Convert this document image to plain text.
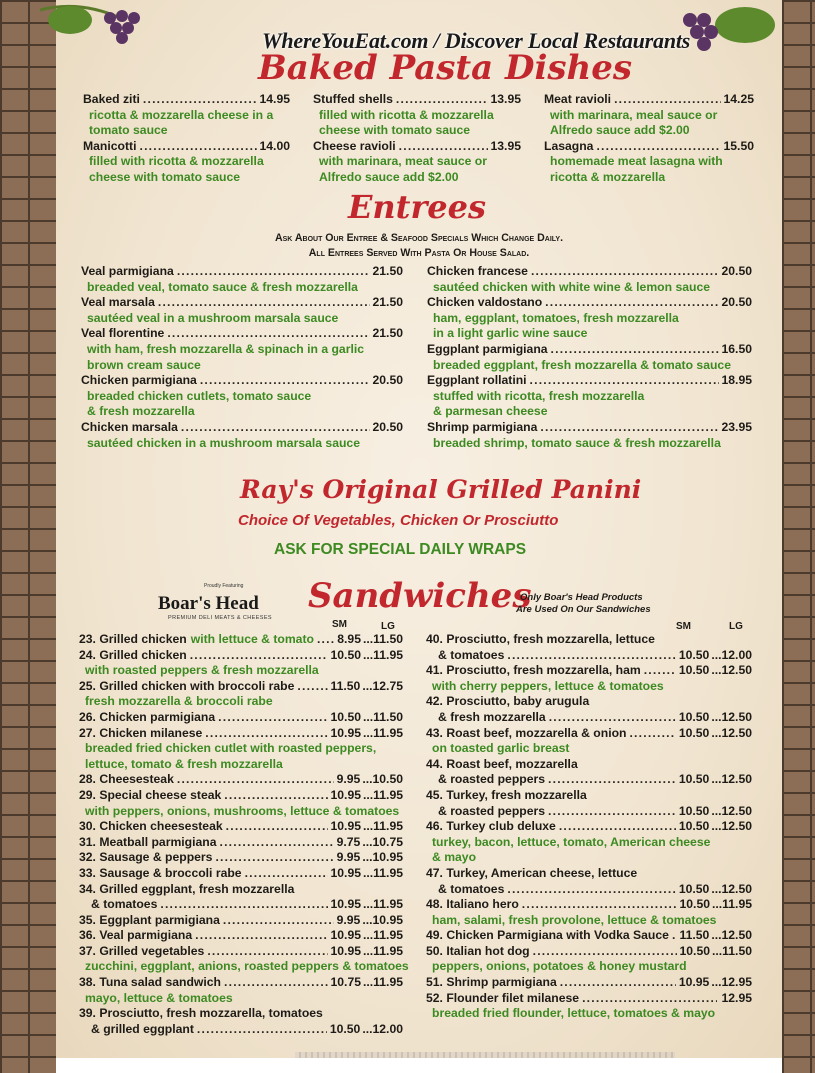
WhereYouEat.com / Discover Local Restaurants
Baked Pasta Dishes
Baked ziti .....	14.95
ricotta & mozzarella cheese in a
tomato sauce
Manicotti .....	14.00
filled with ricotta & mozzarella
cheese with tomato sauce
Stuffed shells .....	13.95
filled with ricotta & mozzarella
cheese with tomato sauce
Cheese ravioli .....	13.95
with marinara, meat sauce or
Alfredo sauce add $2.00
Meat ravioli .....	14.25
with marinara, meal sauce or
Alfredo sauce add $2.00
Lasagna .....	15.50
homemade meat lasagna with
ricotta & mozzarella
Entrees
Ask About Our Entree & Seafood Specials Which Change Daily.
All Entrees Served With Pasta Or House Salad.
Veal parmigiana .....	21.50
breaded veal, tomato sauce & fresh mozzarella
Veal marsala .....	21.50
sautéed veal in a mushroom marsala sauce
Veal florentine .....	21.50
with ham, fresh mozzarella & spinach in a garlic
brown cream sauce
Chicken parmigiana .....	20.50
breaded chicken cutlets, tomato sauce
& fresh mozzarella
Chicken marsala .....	20.50
sautéed chicken in a mushroom marsala sauce
Chicken francese .....	20.50
sautéed chicken with white wine & lemon sauce
Chicken valdostano .....	20.50
ham, eggplant, tomatoes, fresh mozzarella
in a light garlic wine sauce
Eggplant parmigiana .....	16.50
breaded eggplant, fresh mozzarella & tomato sauce
Eggplant rollatini .....	18.95
stuffed with ricotta, fresh mozzarella
& parmesan cheese
Shrimp parmigiana .....	23.95
breaded shrimp, tomato sauce & fresh mozzarella
Ray's Original Grilled Panini
Choice Of Vegetables, Chicken Or Prosciutto
ASK FOR SPECIAL DAILY WRAPS
Proudly Featuring
Boar's Head
PREMIUM DELI MEATS & CHEESES
Sandwiches
Only Boar's Head Products
Are Used On Our Sandwiches
SM	LG	SM	LG
23. Grilled chicken with lettuce & tomato ..... 8.95 ... 11.50
24. Grilled chicken .....	10.50 ... 11.95
with roasted peppers & fresh mozzarella
25. Grilled chicken with broccoli rabe .....	11.50 ... 12.75
fresh mozzarella & broccoli rabe
26. Chicken parmigiana .....	10.50 ... 11.50
27. Chicken milanese .....	10.95 ... 11.95
breaded fried chicken cutlet with roasted peppers,
lettuce, tomato & fresh mozzarella
28. Cheesesteak .....	9.95 ... 10.50
29. Special cheese steak .....	10.95 ... 11.95
with peppers, onions, mushrooms, lettuce & tomatoes
30. Chicken cheesesteak .....	10.95 ... 11.95
31. Meatball parmigiana .....	9.75 ... 10.75
32. Sausage & peppers .....	9.95 ... 10.95
33. Sausage & broccoli rabe .....	10.95 ... 11.95
34. Grilled eggplant, fresh mozzarella
& tomatoes .....	10.95 ... 11.95
35. Eggplant parmigiana .....	9.95 ... 10.95
36. Veal parmigiana .....	10.95 ... 11.95
37. Grilled vegetables .....	10.95 ... 11.95
zucchini, eggplant, anions, roasted peppers & tomatoes
38. Tuna salad sandwich .....	10.75 ... 11.95
mayo, lettuce & tomatoes
39. Prosciutto, fresh mozzarella, tomatoes
& grilled eggplant .....	10.50 ... 12.00
40. Prosciutto, fresh mozzarella, lettuce
& tomatoes .....	10.50 ... 12.00
41. Prosciutto, fresh mozzarella, ham .....	10.50 ... 12.50
with cherry peppers, lettuce & tomatoes
42. Prosciutto, baby arugula
& fresh mozzarella .....	10.50 ... 12.50
43. Roast beef, mozzarella & onion .....	10.50 ... 12.50
on toasted garlic breast
44. Roast beef, mozzarella
& roasted peppers .....	10.50 ... 12.50
45. Turkey, fresh mozzarella
& roasted peppers .....	10.50 ... 12.50
46. Turkey club deluxe .....	10.50 ... 12.50
turkey, bacon, lettuce, tomato, American cheese
& mayo
47. Turkey, American cheese, lettuce
& tomatoes .....	10.50 ... 12.50
48. Italiano hero .....	10.50 ... 11.95
ham, salami, fresh provolone, lettuce & tomatoes
49. Chicken Parmigiana with Vodka Sauce ..... 11.50 ... 12.50
50. Italian hot dog .....	10.50 ... 11.50
peppers, onions, potatoes & honey mustard
51. Shrimp parmigiana .....	10.95 ... 12.95
52. Flounder filet milanese .....	12.95
breaded fried flounder, lettuce, tomatoes & mayo
